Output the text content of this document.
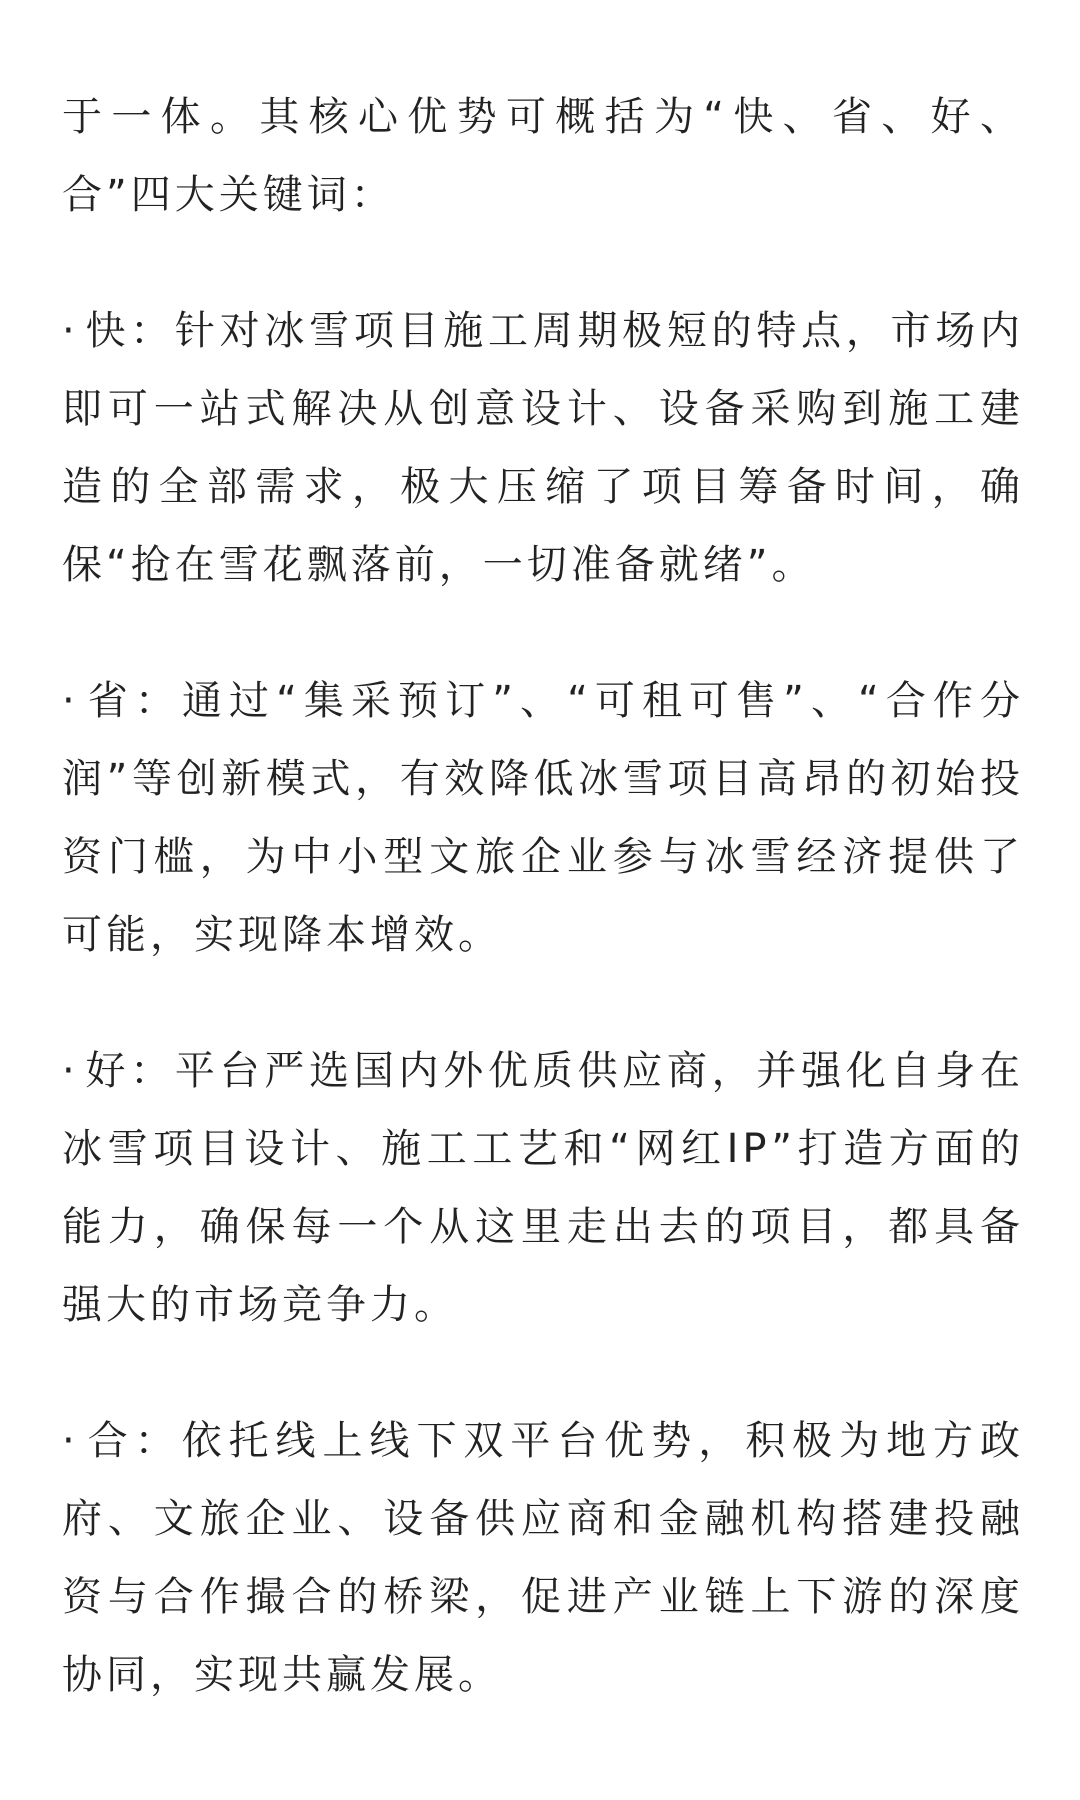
于一体。其核心优势可概括为“快、省、好、合”四大关键词：

· 快：针对冰雪项目施工周期极短的特点，市场内即可一站式解决从创意设计、设备采购到施工建造的全部需求，极大压缩了项目筹备时间，确保“抢在雪花飘落前，一切准备就绪”。

· 省：通过“集采预订”、“可租可售”、“合作分润”等创新模式，有效降低冰雪项目高昂的初始投资门槛，为中小型文旅企业参与冰雪经济提供了可能，实现降本增效。

· 好：平台严选国内外优质供应商，并强化自身在冰雪项目设计、施工工艺和“网红IP”打造方面的能力，确保每一个从这里走出去的项目，都具备强大的市场竞争力。

· 合：依托线上线下双平台优势，积极为地方政府、文旅企业、设备供应商和金融机构搭建投融资与合作撮合的桥梁，促进产业链上下游的深度协同，实现共赢发展。
